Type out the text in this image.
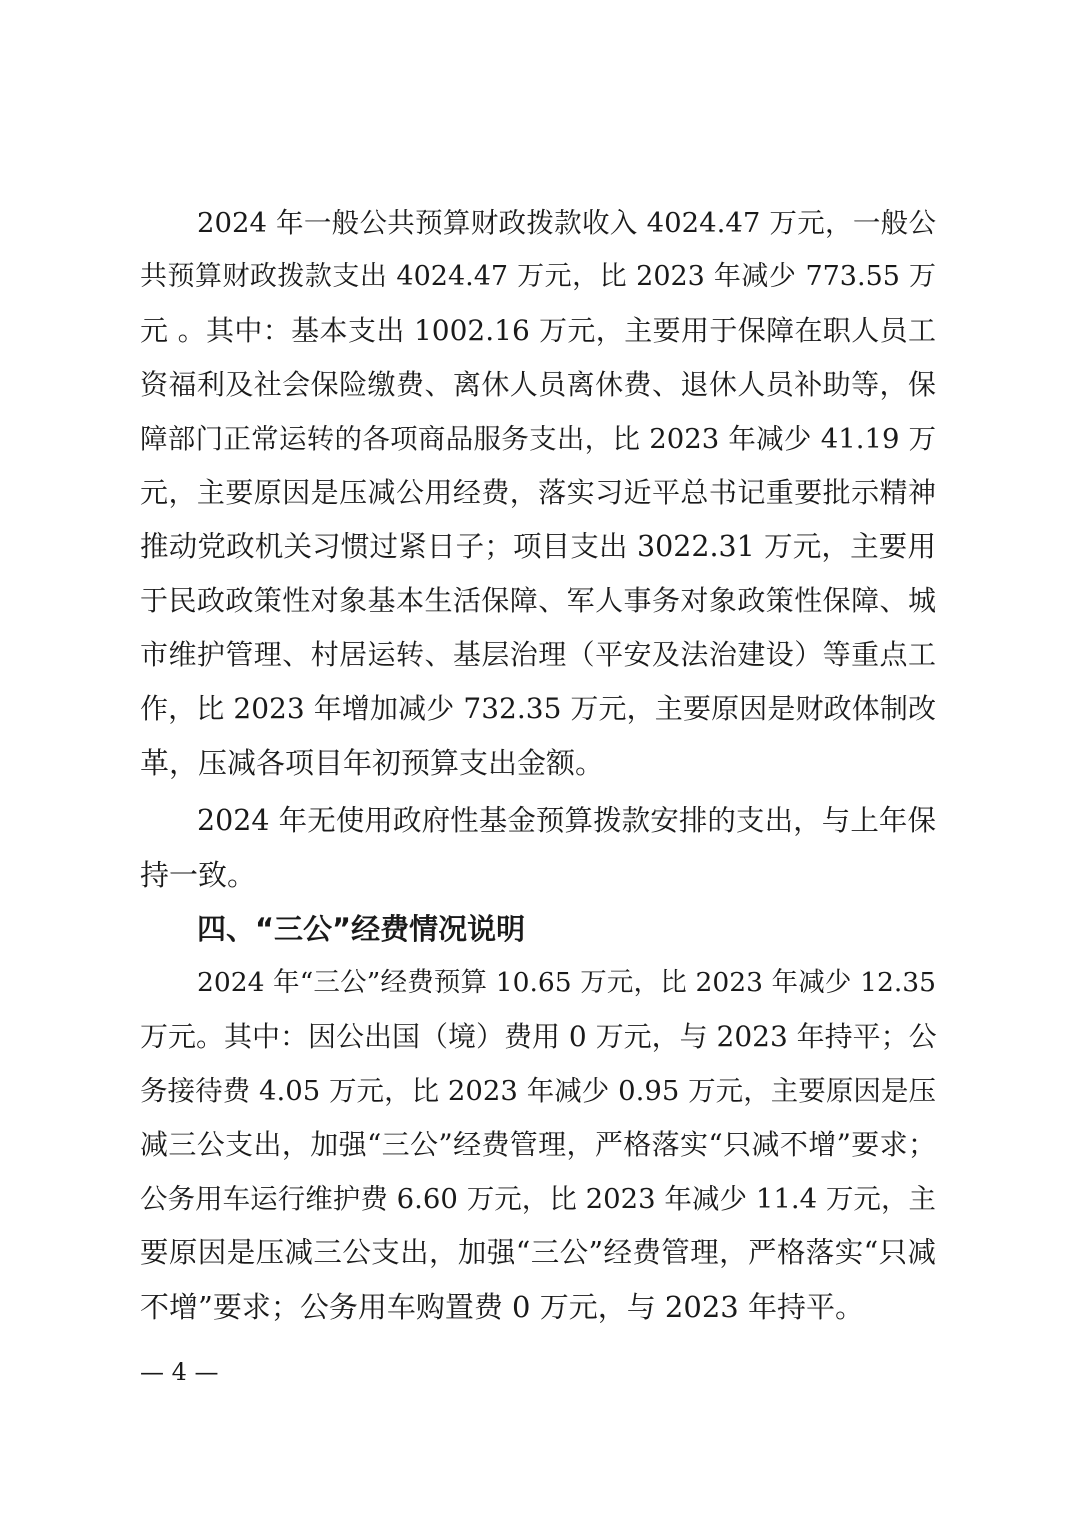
2024 年一般公共预算财政拨款收入 4024.47 万元，一般公
共预算财政拨款支出 4024.47 万元，比 2023 年减少 773.55 万
元 。其中：基本支出 1002.16 万元，主要用于保障在职人员工
资福利及社会保险缴费、离休人员离休费、退休人员补助等，保
障部门正常运转的各项商品服务支出，比 2023 年减少 41.19 万
元，主要原因是压减公用经费，落实习近平总书记重要批示精神
推动党政机关习惯过紧日子；项目支出 3022.31 万元，主要用
于民政政策性对象基本生活保障、军人事务对象政策性保障、城
市维护管理、村居运转、基层治理（平安及法治建设）等重点工
作，比 2023 年增加减少 732.35 万元，主要原因是财政体制改
革，压减各项目年初预算支出金额。
2024 年无使用政府性基金预算拨款安排的支出，与上年保
持一致。
四、“三公”经费情况说明
2024 年“三公”经费预算 10.65 万元，比 2023 年减少 12.35
万元。其中：因公出国（境）费用 0 万元，与 2023 年持平；公
务接待费 4.05 万元，比 2023 年减少 0.95 万元，主要原因是压
减三公支出，加强“三公”经费管理，严格落实“只减不增”要求；
公务用车运行维护费 6.60 万元，比 2023 年减少 11.4 万元，主
要原因是压减三公支出，加强“三公”经费管理，严格落实“只减
不增”要求；公务用车购置费 0 万元，与 2023 年持平。
— 4 —
